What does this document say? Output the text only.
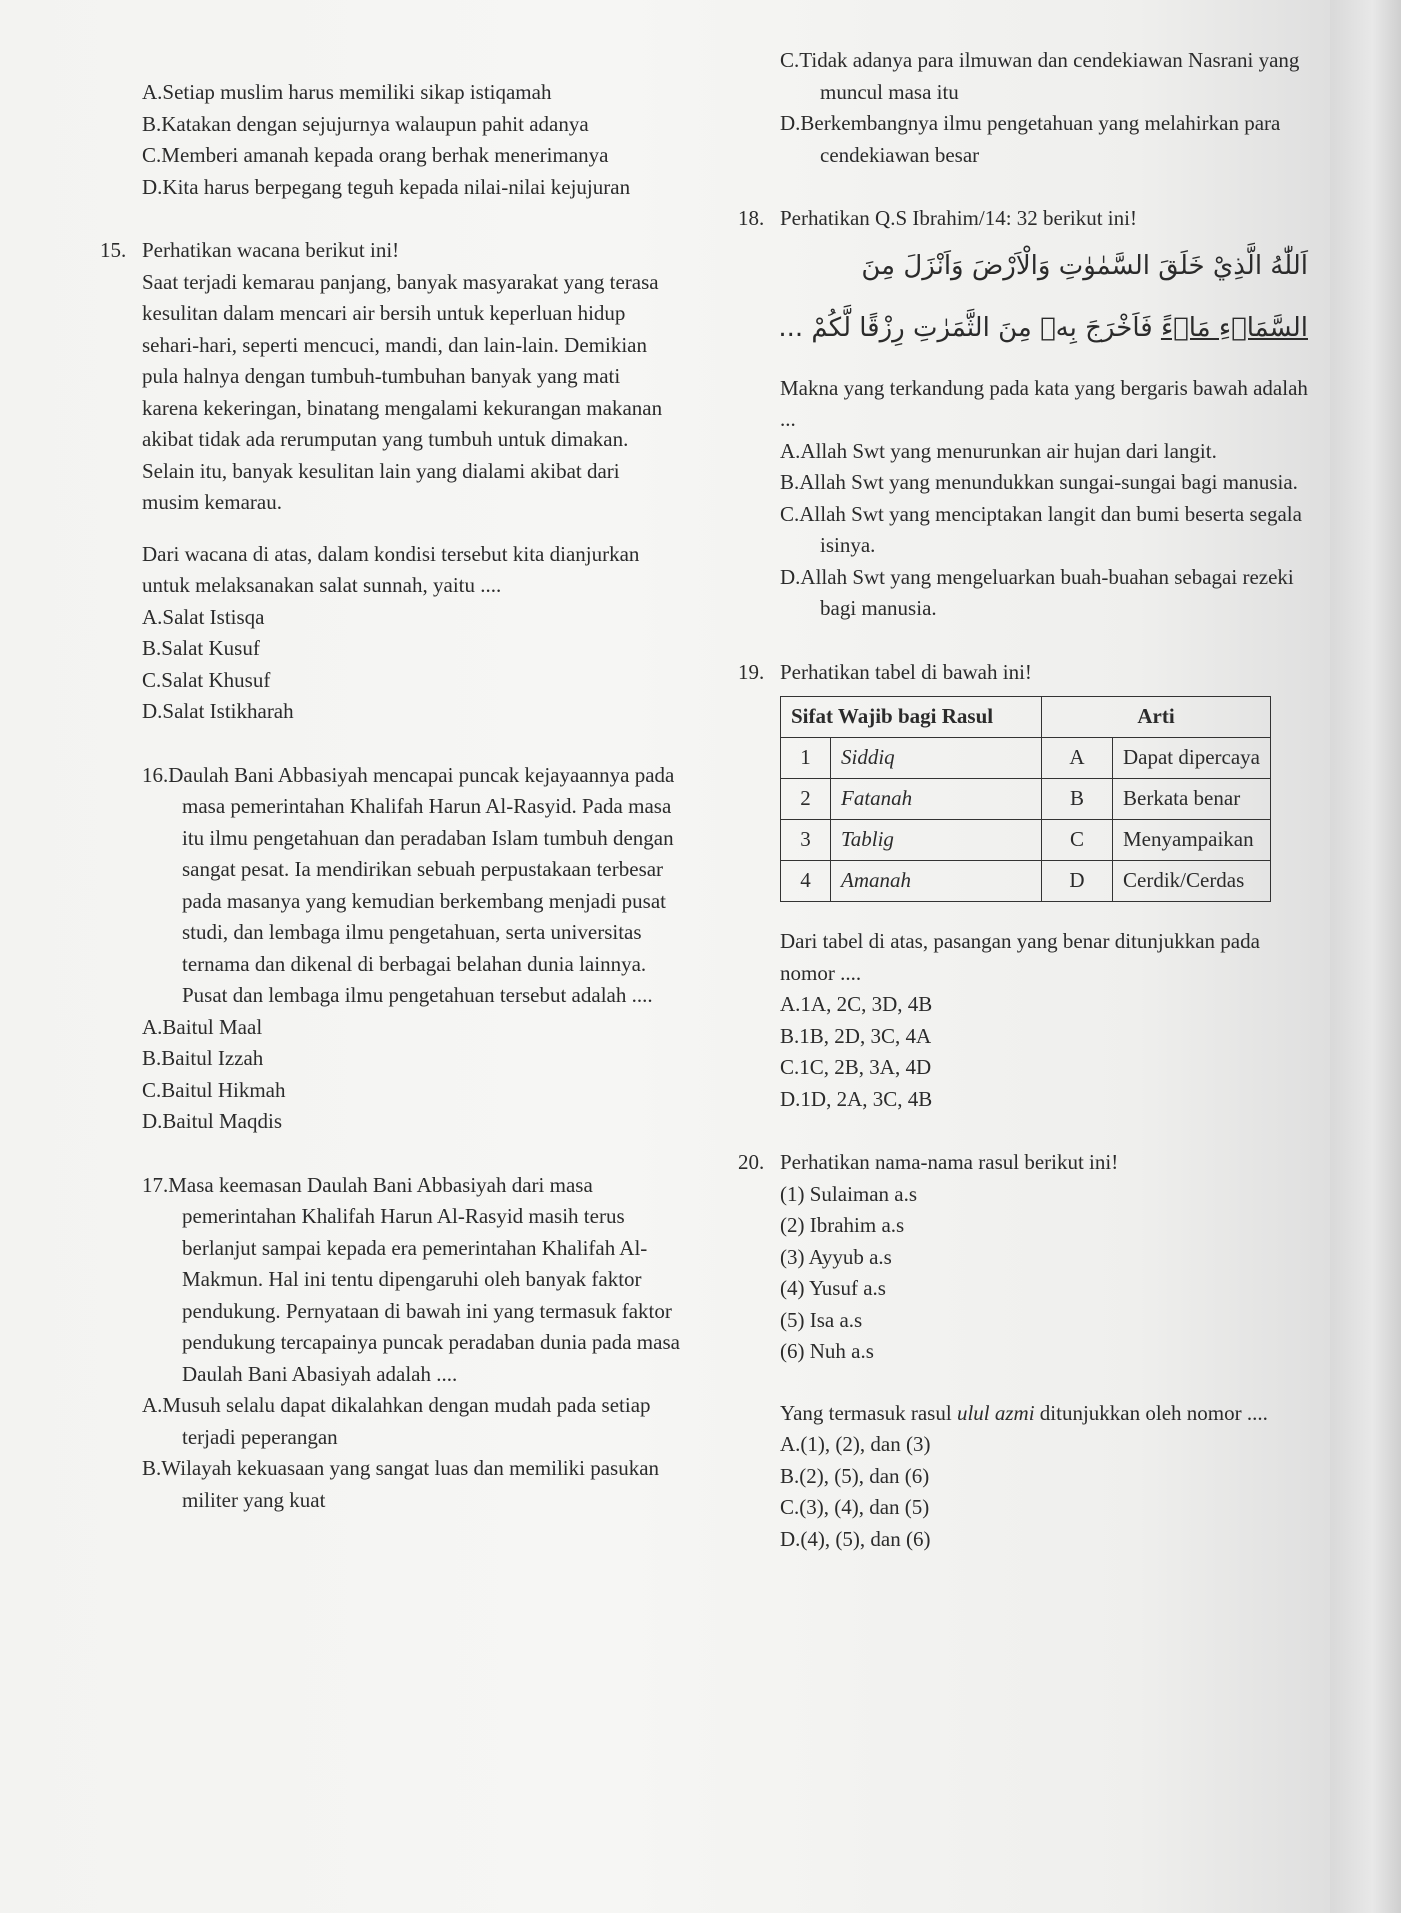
A.Setiap muslim harus memiliki sikap istiqamah
B.Katakan dengan sejujurnya walaupun pahit adanya
C.Memberi amanah kepada orang berhak menerimanya
D.Kita harus berpegang teguh kepada nilai-nilai kejujuran
15. Perhatikan wacana berikut ini!
Saat terjadi kemarau panjang, banyak masyarakat yang terasa kesulitan dalam mencari air bersih untuk keperluan hidup sehari-hari, seperti mencuci, mandi, dan lain-lain. Demikian pula halnya dengan tumbuh-tumbuhan banyak yang mati karena kekeringan, binatang mengalami kekurangan makanan akibat tidak ada rerumputan yang tumbuh untuk dimakan. Selain itu, banyak kesulitan lain yang dialami akibat dari musim kemarau.
Dari wacana di atas, dalam kondisi tersebut kita dianjurkan untuk melaksanakan salat sunnah, yaitu ....
A.Salat Istisqa
B.Salat Kusuf
C.Salat Khusuf
D.Salat Istikharah
16.Daulah Bani Abbasiyah mencapai puncak kejayaannya pada masa pemerintahan Khalifah Harun Al-Rasyid. Pada masa itu ilmu pengetahuan dan peradaban Islam tumbuh dengan sangat pesat. Ia mendirikan sebuah perpustakaan terbesar pada masanya yang kemudian berkembang menjadi pusat studi, dan lembaga ilmu pengetahuan, serta universitas ternama dan dikenal di berbagai belahan dunia lainnya. Pusat dan lembaga ilmu pengetahuan tersebut adalah ....
A.Baitul Maal
B.Baitul Izzah
C.Baitul Hikmah
D.Baitul Maqdis
17.Masa keemasan Daulah Bani Abbasiyah dari masa pemerintahan Khalifah Harun Al-Rasyid masih terus berlanjut sampai kepada era pemerintahan Khalifah Al-Makmun. Hal ini tentu dipengaruhi oleh banyak faktor pendukung. Pernyataan di bawah ini yang termasuk faktor pendukung tercapainya puncak peradaban dunia pada masa Daulah Bani Abasiyah adalah ....
A.Musuh selalu dapat dikalahkan dengan mudah pada setiap terjadi peperangan
B.Wilayah kekuasaan yang sangat luas dan memiliki pasukan militer yang kuat
C.Tidak adanya para ilmuwan dan cendekiawan Nasrani yang muncul masa itu
D.Berkembangnya ilmu pengetahuan yang melahirkan para cendekiawan besar
18. Perhatikan Q.S Ibrahim/14: 32 berikut ini!
اَللّٰهُ الَّذِيْ خَلَقَ السَّمٰوٰتِ وَالْاَرْضَ وَاَنْزَلَ مِنَ
السَّمَاۤءِ مَاۤءً فَاَخْرَجَ بِهٖ مِنَ الثَّمَرٰتِ رِزْقًا لَّكُمْ ...
Makna yang terkandung pada kata yang bergaris bawah adalah ...
A.Allah Swt yang menurunkan air hujan dari langit.
B.Allah Swt yang menundukkan sungai-sungai bagi manusia.
C.Allah Swt yang menciptakan langit dan bumi beserta segala isinya.
D.Allah Swt yang mengeluarkan buah-buahan sebagai rezeki bagi manusia.
19. Perhatikan tabel di bawah ini!
Sifat Wajib bagi Rasul		Arti	
1	Siddiq	A	Dapat dipercaya
2	Fatanah	B	Berkata benar
3	Tablig	C	Menyampaikan
4	Amanah	D	Cerdik/Cerdas
Dari tabel di atas, pasangan yang benar ditunjukkan pada nomor ....
A.1A, 2C, 3D, 4B
B.1B, 2D, 3C, 4A
C.1C, 2B, 3A, 4D
D.1D, 2A, 3C, 4B
20. Perhatikan nama-nama rasul berikut ini!
(1) Sulaiman a.s
(2) Ibrahim a.s
(3) Ayyub a.s
(4) Yusuf a.s
(5) Isa a.s
(6) Nuh a.s
Yang termasuk rasul ulul azmi ditunjukkan oleh nomor ....
A.(1), (2), dan (3)
B.(2), (5), dan (6)
C.(3), (4), dan (5)
D.(4), (5), dan (6)
